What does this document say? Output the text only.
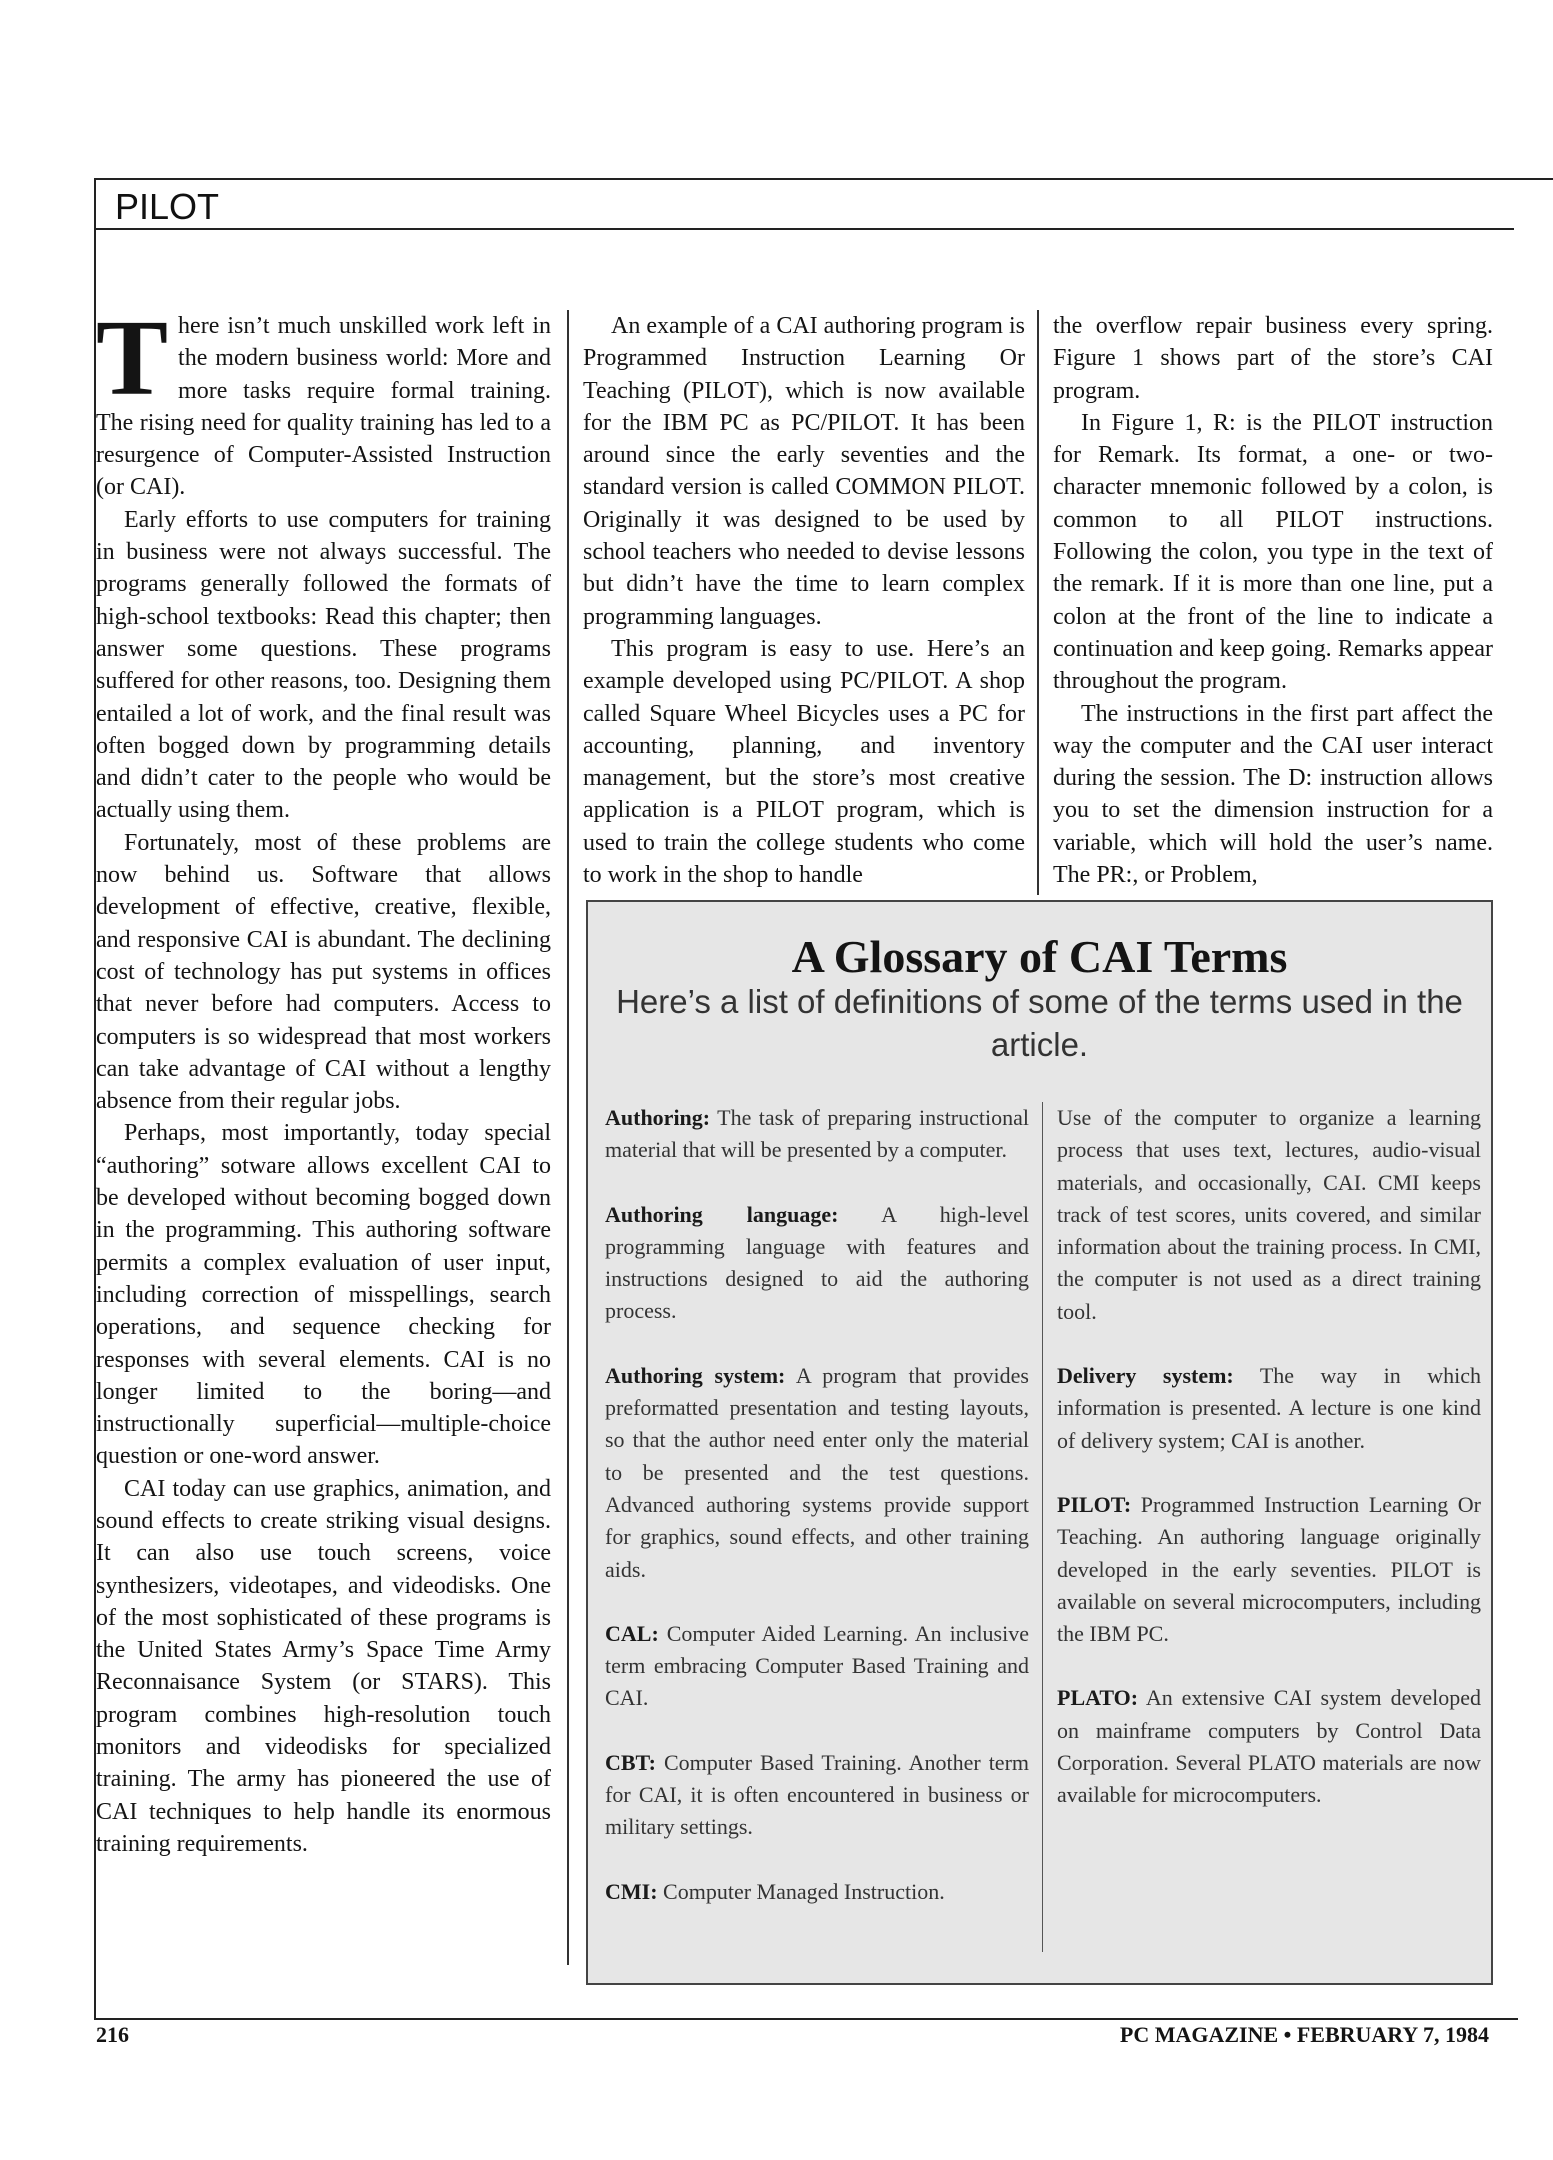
PILOT

There isn’t much unskilled work left in the modern business world: More and more tasks require formal training. The rising need for quality training has led to a resurgence of Computer-Assisted Instruction (or CAI).

Early efforts to use computers for training in business were not always successful. The programs generally followed the formats of high-school textbooks: Read this chapter; then answer some questions. These programs suffered for other reasons, too. Designing them entailed a lot of work, and the final result was often bogged down by programming details and didn’t cater to the people who would be actually using them.

Fortunately, most of these problems are now behind us. Software that allows development of effective, creative, flexible, and responsive CAI is abundant. The declining cost of technology has put systems in offices that never before had computers. Access to computers is so widespread that most workers can take advantage of CAI without a lengthy absence from their regular jobs.

Perhaps, most importantly, today special “authoring” sotware allows excellent CAI to be developed without becoming bogged down in the programming. This authoring software permits a complex evaluation of user input, including correction of misspellings, search operations, and sequence checking for responses with several elements. CAI is no longer limited to the boring—and instructionally superficial—multiple-choice question or one-word answer.

CAI today can use graphics, animation, and sound effects to create striking visual designs. It can also use touch screens, voice synthesizers, videotapes, and videodisks. One of the most sophisticated of these programs is the United States Army’s Space Time Army Reconnaisance System (or STARS). This program combines high-resolution touch monitors and videodisks for specialized training. The army has pioneered the use of CAI techniques to help handle its enormous training requirements.

An example of a CAI authoring program is Programmed Instruction Learning Or Teaching (PILOT), which is now available for the IBM PC as PC/PILOT. It has been around since the early seventies and the standard version is called COMMON PILOT. Originally it was designed to be used by school teachers who needed to devise lessons but didn’t have the time to learn complex programming languages.

This program is easy to use. Here’s an example developed using PC/PILOT. A shop called Square Wheel Bicycles uses a PC for accounting, planning, and inventory management, but the store’s most creative application is a PILOT program, which is used to train the college students who come to work in the shop to handle

the overflow repair business every spring. Figure 1 shows part of the store’s CAI program.

In Figure 1, R: is the PILOT instruction for Remark. Its format, a one- or two-character mnemonic followed by a colon, is common to all PILOT instructions. Following the colon, you type in the text of the remark. If it is more than one line, put a colon at the front of the line to indicate a continuation and keep going. Remarks appear throughout the program.

The instructions in the first part affect the way the computer and the CAI user interact during the session. The D: instruction allows you to set the dimension instruction for a variable, which will hold the user’s name. The PR:, or Problem,

A Glossary of CAI Terms
Here’s a list of definitions of some of the terms used in the article.
Authoring: The task of preparing instructional material that will be presented by a computer.
Authoring language: A high-level programming language with features and instructions designed to aid the authoring process.
Authoring system: A program that provides preformatted presentation and testing layouts, so that the author need enter only the material to be presented and the test questions. Advanced authoring systems provide support for graphics, sound effects, and other training aids.
CAL: Computer Aided Learning. An inclusive term embracing Computer Based Training and CAI.
CBT: Computer Based Training. Another term for CAI, it is often encountered in business or military settings.
CMI: Computer Managed Instruction.
Use of the computer to organize a learning process that uses text, lectures, audio-visual materials, and occasionally, CAI. CMI keeps track of test scores, units covered, and similar information about the training process. In CMI, the computer is not used as a direct training tool.
Delivery system: The way in which information is presented. A lecture is one kind of delivery system; CAI is another.
PILOT: Programmed Instruction Learning Or Teaching. An authoring language originally developed in the early seventies. PILOT is available on several microcomputers, including the IBM PC.
PLATO: An extensive CAI system developed on mainframe computers by Control Data Corporation. Several PLATO materials are now available for microcomputers.
216	PC MAGAZINE • FEBRUARY 7, 1984
